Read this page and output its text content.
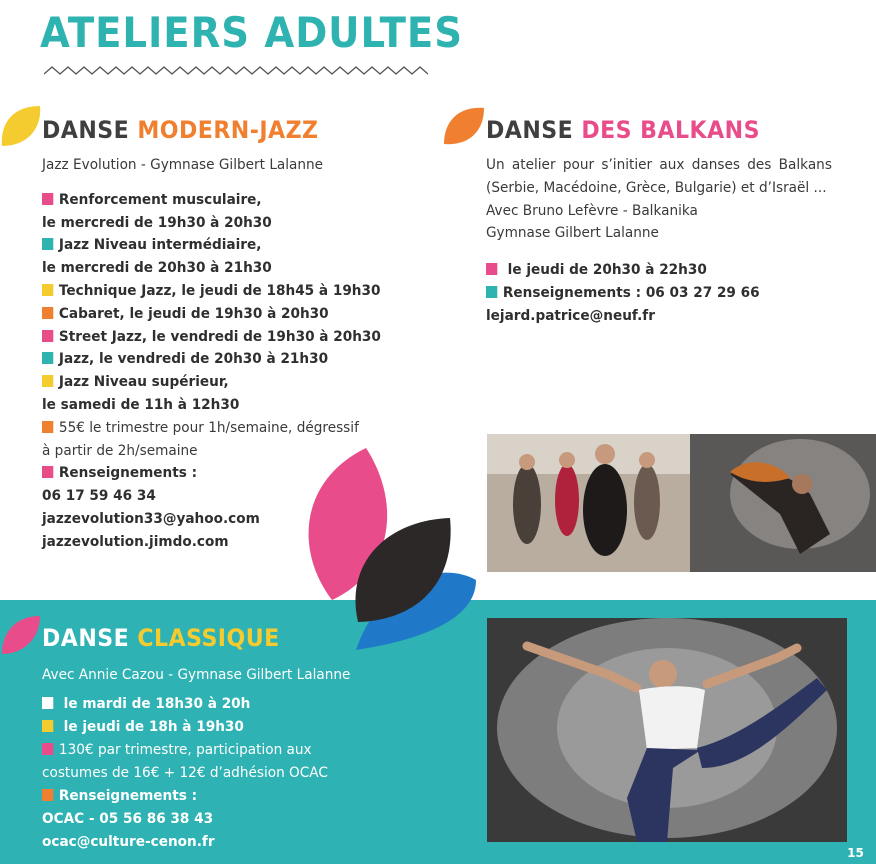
ATELIERS ADULTES
DANSE MODERN-JAZZ

Jazz Evolution - Gymnase Gilbert Lalanne

Renforcement musculaire,

le mercredi de 19h30 à 20h30

Jazz Niveau intermédiaire,

le mercredi de 20h30 à 21h30

Technique Jazz, le jeudi de 18h45 à 19h30

Cabaret, le jeudi de 19h30 à 20h30

Street Jazz, le vendredi de 19h30 à 20h30

Jazz, le vendredi de 20h30 à 21h30

Jazz Niveau supérieur,

le samedi de 11h à 12h30

55€ le trimestre pour 1h/semaine, dégressif

à partir de 2h/semaine

Renseignements :

06 17 59 46 34

jazzevolution33@yahoo.com

jazzevolution.jimdo.com

DANSE DES BALKANS

Un atelier pour s’initier aux danses des Balkans (Serbie, Macédoine, Grèce, Bulgarie) et d’Israël ...

Avec Bruno Lefèvre - Balkanika

Gymnase Gilbert Lalanne

le jeudi de 20h30 à 22h30

Renseignements : 06 03 27 29 66

lejard.patrice@neuf.fr

DANSE CLASSIQUE

Avec Annie Cazou - Gymnase Gilbert Lalanne

le mardi de 18h30 à 20h

le jeudi de 18h à 19h30

130€ par trimestre, participation aux

costumes de 16€ + 12€ d’adhésion OCAC

Renseignements :

OCAC - 05 56 86 38 43

ocac@culture-cenon.fr

15
